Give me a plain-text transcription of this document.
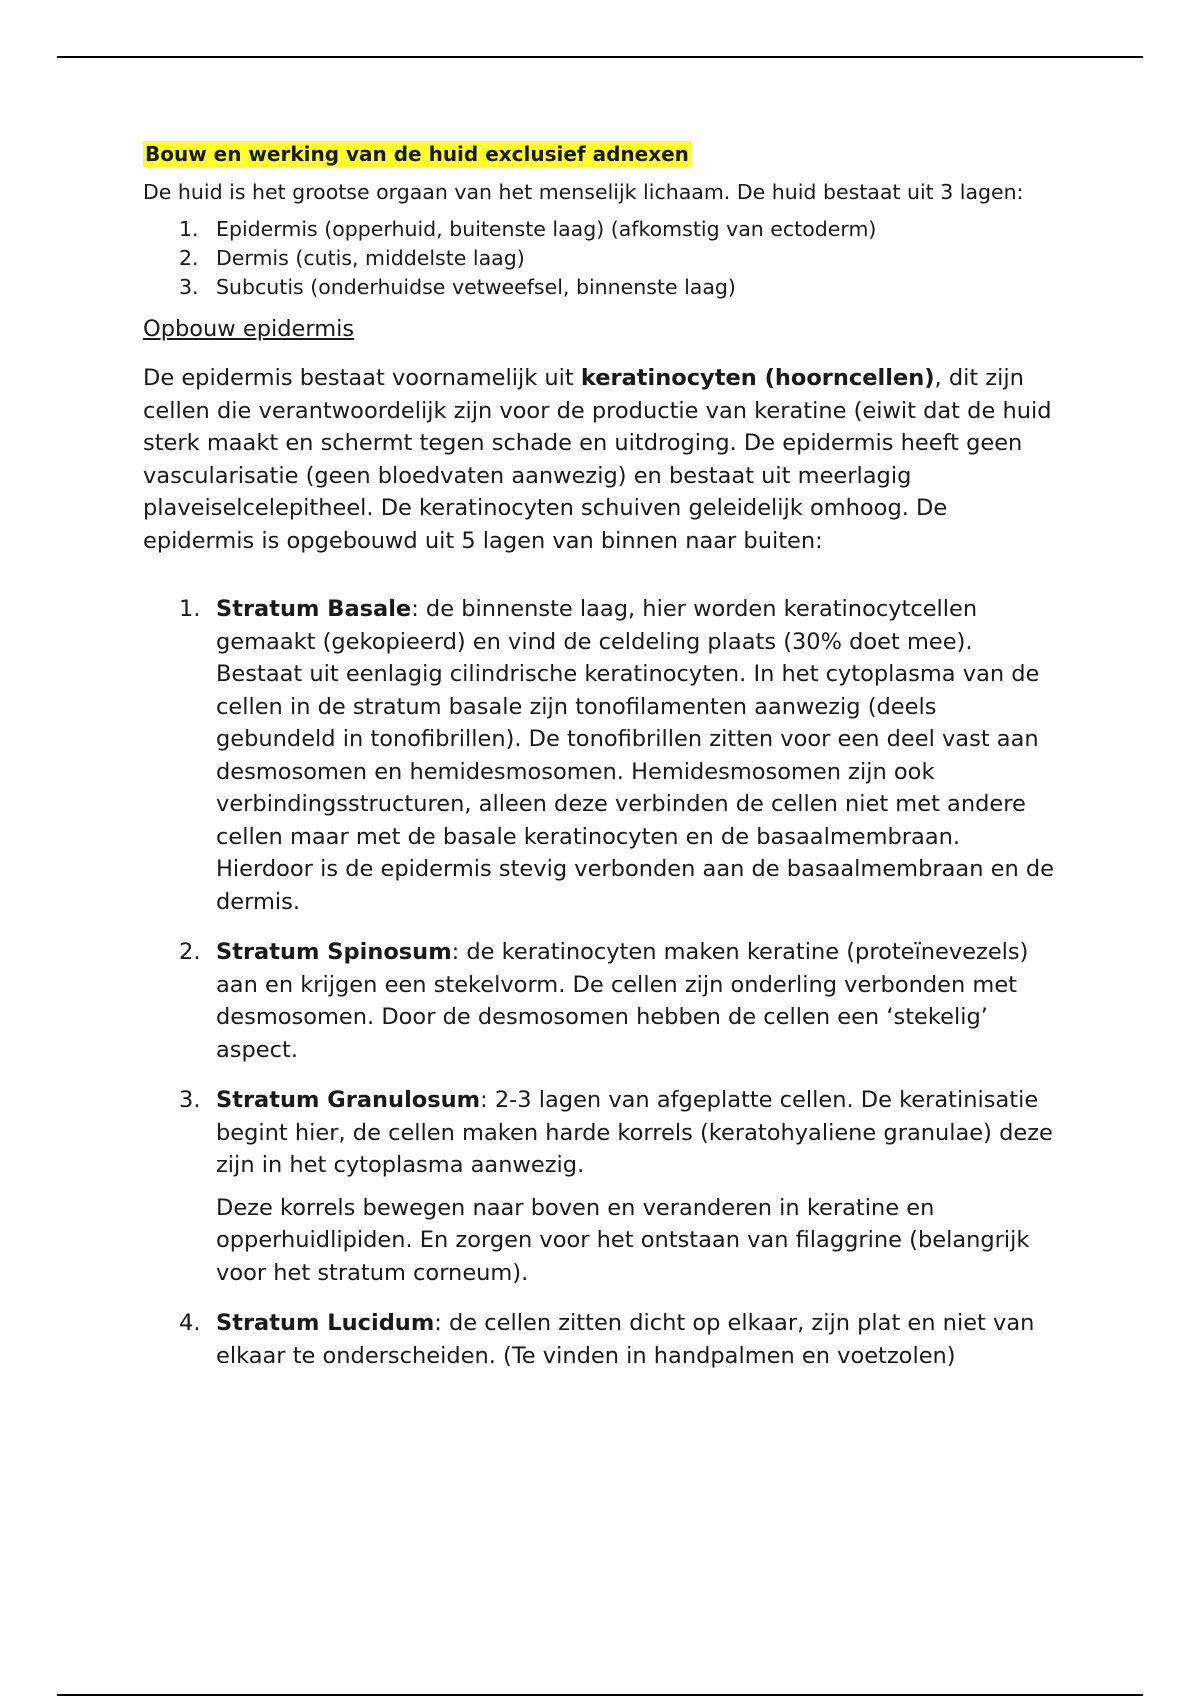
Bouw en werking van de huid exclusief adnexen

De huid is het grootse orgaan van het menselijk lichaam. De huid bestaat uit 3 lagen:

1. Epidermis (opperhuid, buitenste laag) (afkomstig van ectoderm)
2. Dermis (cutis, middelste laag)
3. Subcutis (onderhuidse vetweefsel, binnenste laag)
Opbouw epidermis

De epidermis bestaat voornamelijk uit keratinocyten (hoorncellen), dit zijn cellen die verantwoordelijk zijn voor de productie van keratine (eiwit dat de huid sterk maakt en schermt tegen schade en uitdroging. De epidermis heeft geen vascularisatie (geen bloedvaten aanwezig) en bestaat uit meerlagig plaveiselcelepitheel. De keratinocyten schuiven geleidelijk omhoog. De epidermis is opgebouwd uit 5 lagen van binnen naar buiten:

1. Stratum Basale: de binnenste laag, hier worden keratinocytcellen gemaakt (gekopieerd) en vind de celdeling plaats (30% doet mee). Bestaat uit eenlagig cilindrische keratinocyten. In het cytoplasma van de cellen in de stratum basale zijn tonofilamenten aanwezig (deels gebundeld in tonofibrillen). De tonofibrillen zitten voor een deel vast aan desmosomen en hemidesmosomen. Hemidesmosomen zijn ook verbindingsstructuren, alleen deze verbinden de cellen niet met andere cellen maar met de basale keratinocyten en de basaalmembraan. Hierdoor is de epidermis stevig verbonden aan de basaalmembraan en de dermis.

2. Stratum Spinosum: de keratinocyten maken keratine (proteïnevezels) aan en krijgen een stekelvorm. De cellen zijn onderling verbonden met desmosomen. Door de desmosomen hebben de cellen een ‘stekelig’ aspect.

3. Stratum Granulosum: 2-3 lagen van afgeplatte cellen. De keratinisatie begint hier, de cellen maken harde korrels (keratohyaliene granulae) deze zijn in het cytoplasma aanwezig.

Deze korrels bewegen naar boven en veranderen in keratine en opperhuidlipiden. En zorgen voor het ontstaan van filaggrine (belangrijk voor het stratum corneum).

4. Stratum Lucidum: de cellen zitten dicht op elkaar, zijn plat en niet van elkaar te onderscheiden. (Te vinden in handpalmen en voetzolen)
